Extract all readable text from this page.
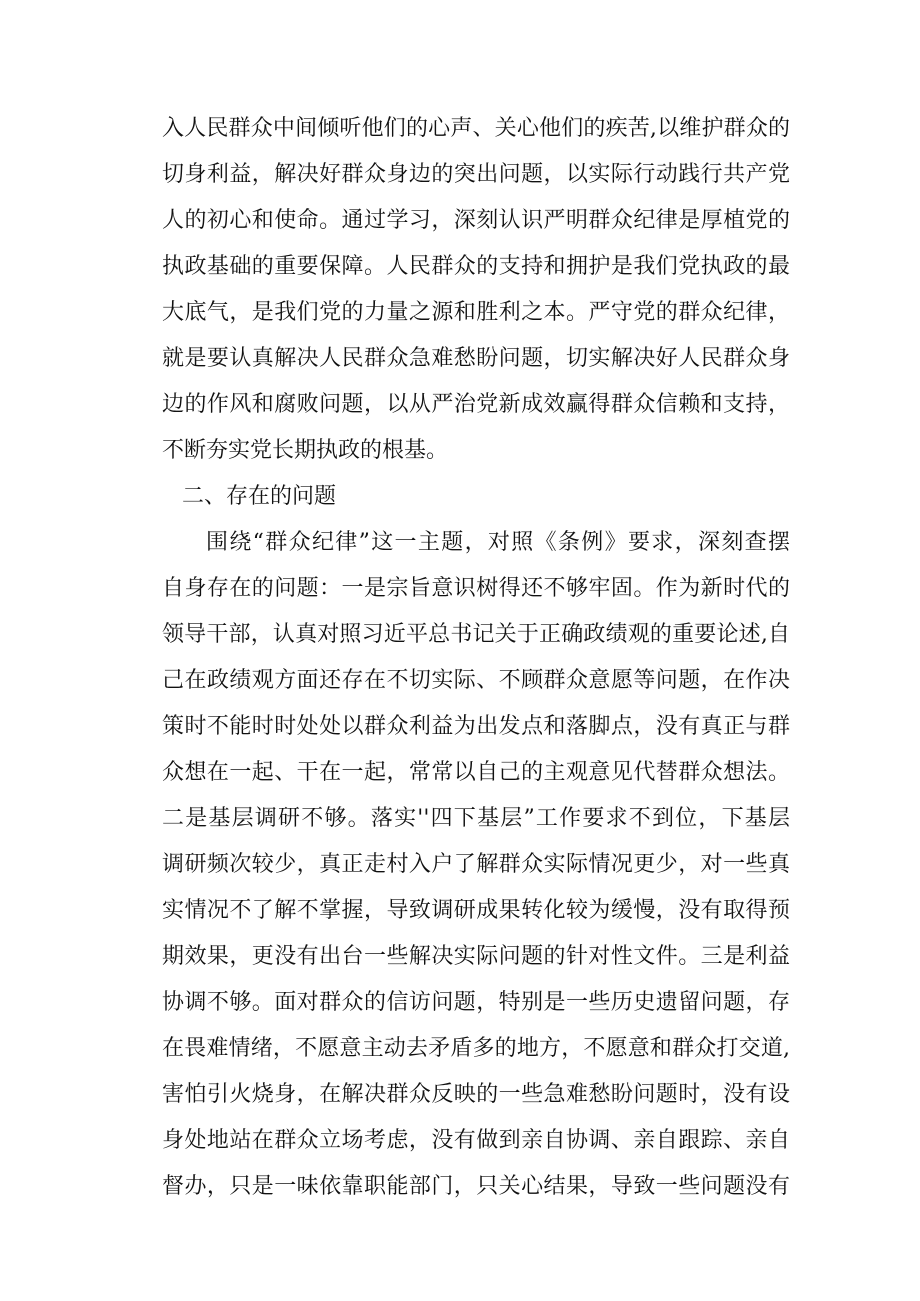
入人民群众中间倾听他们的心声、关心他们的疾苦,以维护群众的
切身利益，解决好群众身边的突出问题，以实际行动践行共产党
人的初心和使命。通过学习，深刻认识严明群众纪律是厚植党的
执政基础的重要保障。人民群众的支持和拥护是我们党执政的最
大底气，是我们党的力量之源和胜利之本。严守党的群众纪律，
就是要认真解决人民群众急难愁盼问题，切实解决好人民群众身
边的作风和腐败问题，以从严治党新成效赢得群众信赖和支持，
不断夯实党长期执政的根基。
二、存在的问题
围绕“群众纪律”这一主题，对照《条例》要求，深刻查摆
自身存在的问题：一是宗旨意识树得还不够牢固。作为新时代的
领导干部，认真对照习近平总书记关于正确政绩观的重要论述,自
己在政绩观方面还存在不切实际、不顾群众意愿等问题，在作决
策时不能时时处处以群众利益为出发点和落脚点，没有真正与群
众想在一起、干在一起，常常以自己的主观意见代替群众想法。
二是基层调研不够。落实''四下基层”工作要求不到位，下基层
调研频次较少，真正走村入户了解群众实际情况更少，对一些真
实情况不了解不掌握，导致调研成果转化较为缓慢，没有取得预
期效果，更没有出台一些解决实际问题的针对性文件。三是利益
协调不够。面对群众的信访问题，特别是一些历史遗留问题，存
在畏难情绪，不愿意主动去矛盾多的地方，不愿意和群众打交道,
害怕引火烧身，在解决群众反映的一些急难愁盼问题时，没有设
身处地站在群众立场考虑，没有做到亲自协调、亲自跟踪、亲自
督办，只是一味依靠职能部门，只关心结果，导致一些问题没有
